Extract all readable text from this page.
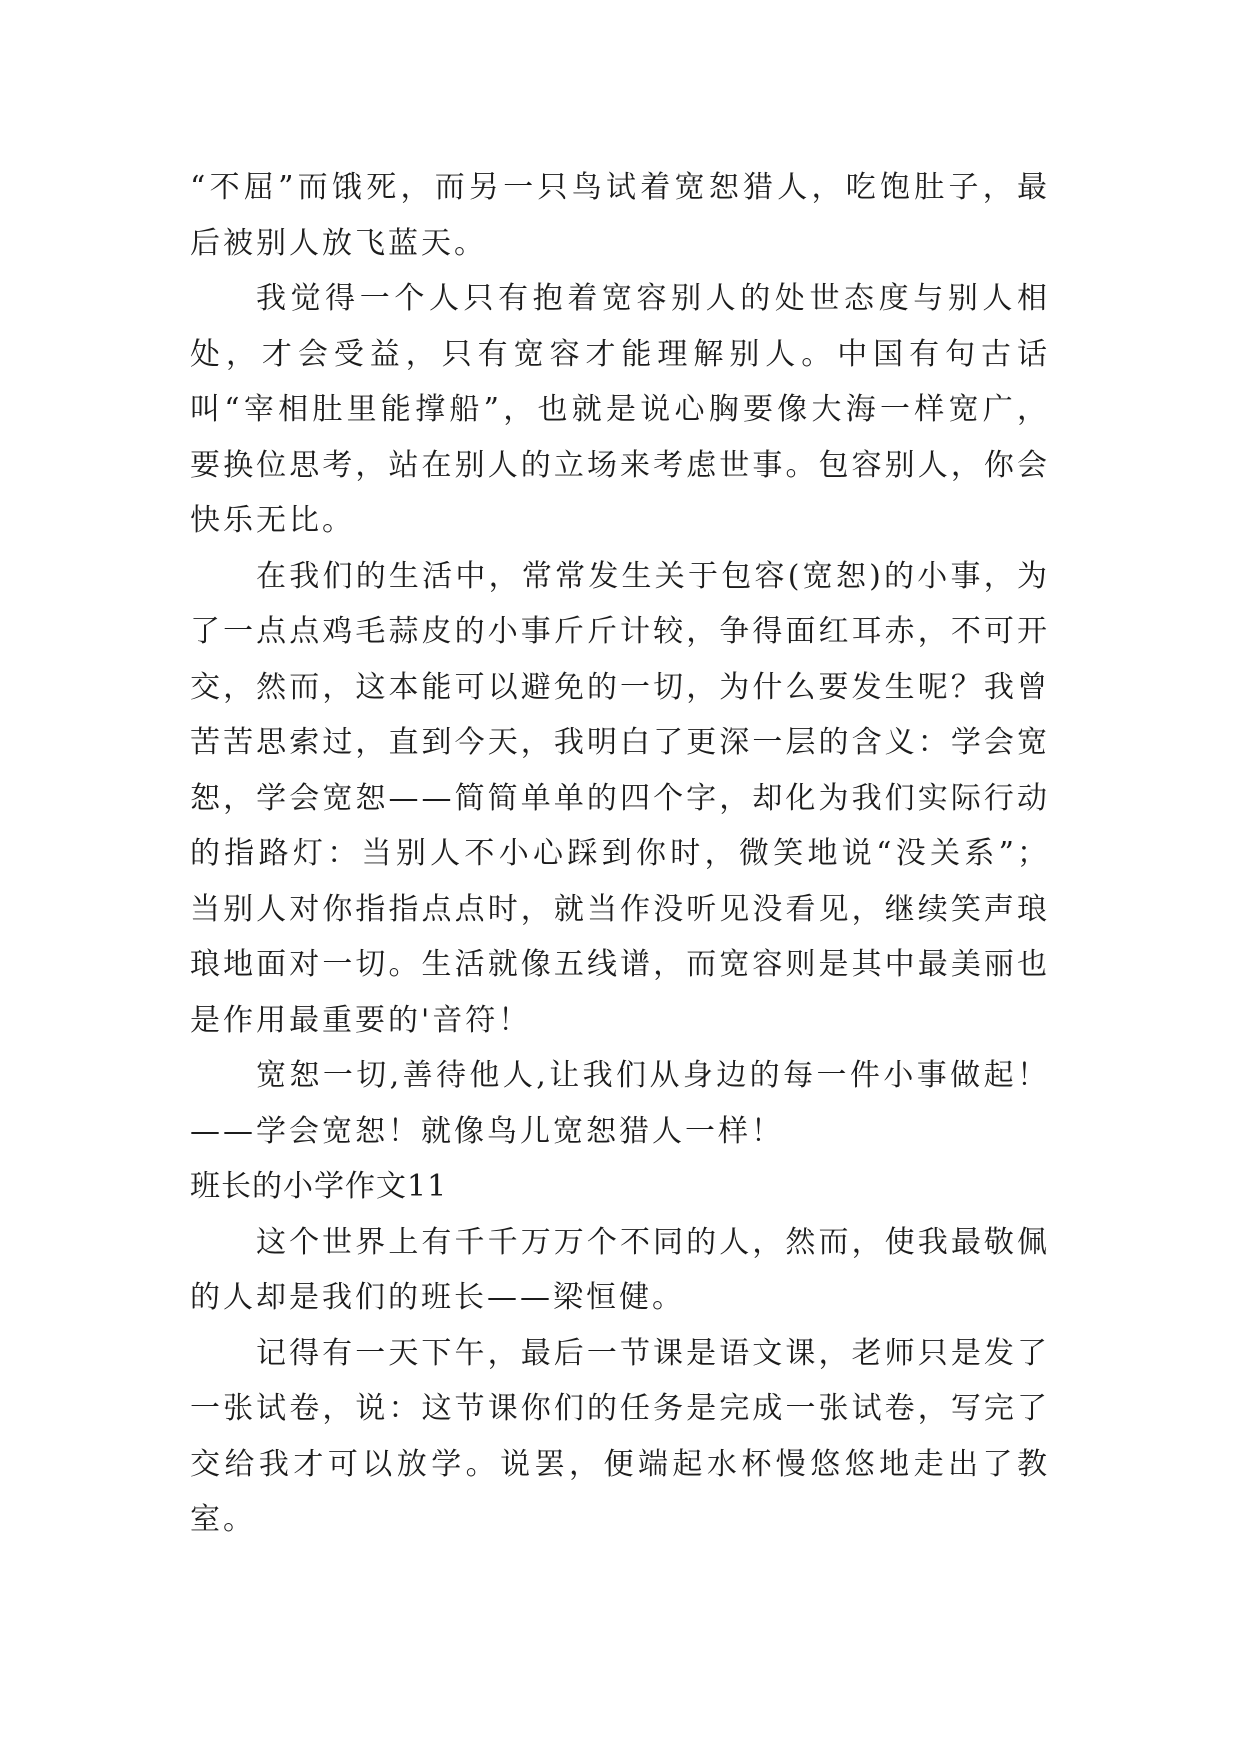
“不屈”而饿死，而另一只鸟试着宽恕猎人，吃饱肚子，最后被别人放飞蓝天。

我觉得一个人只有抱着宽容别人的处世态度与别人相处，才会受益，只有宽容才能理解别人。中国有句古话叫“宰相肚里能撑船”，也就是说心胸要像大海一样宽广，要换位思考，站在别人的立场来考虑世事。包容别人，你会快乐无比。

在我们的生活中，常常发生关于包容(宽恕)的小事，为了一点点鸡毛蒜皮的小事斤斤计较，争得面红耳赤，不可开交，然而，这本能可以避免的一切，为什么要发生呢？我曾苦苦思索过，直到今天，我明白了更深一层的含义：学会宽恕，学会宽恕——简简单单的四个字，却化为我们实际行动的指路灯：当别人不小心踩到你时，微笑地说“没关系”；当别人对你指指点点时，就当作没听见没看见，继续笑声琅琅地面对一切。生活就像五线谱，而宽容则是其中最美丽也是作用最重要的'音符！

宽恕一切,善待他人,让我们从身边的每一件小事做起！——学会宽恕！就像鸟儿宽恕猎人一样！

班长的小学作文11

这个世界上有千千万万个不同的人，然而，使我最敬佩的人却是我们的班长——梁恒健。

记得有一天下午，最后一节课是语文课，老师只是发了一张试卷，说：这节课你们的任务是完成一张试卷，写完了交给我才可以放学。说罢，便端起水杯慢悠悠地走出了教室。
